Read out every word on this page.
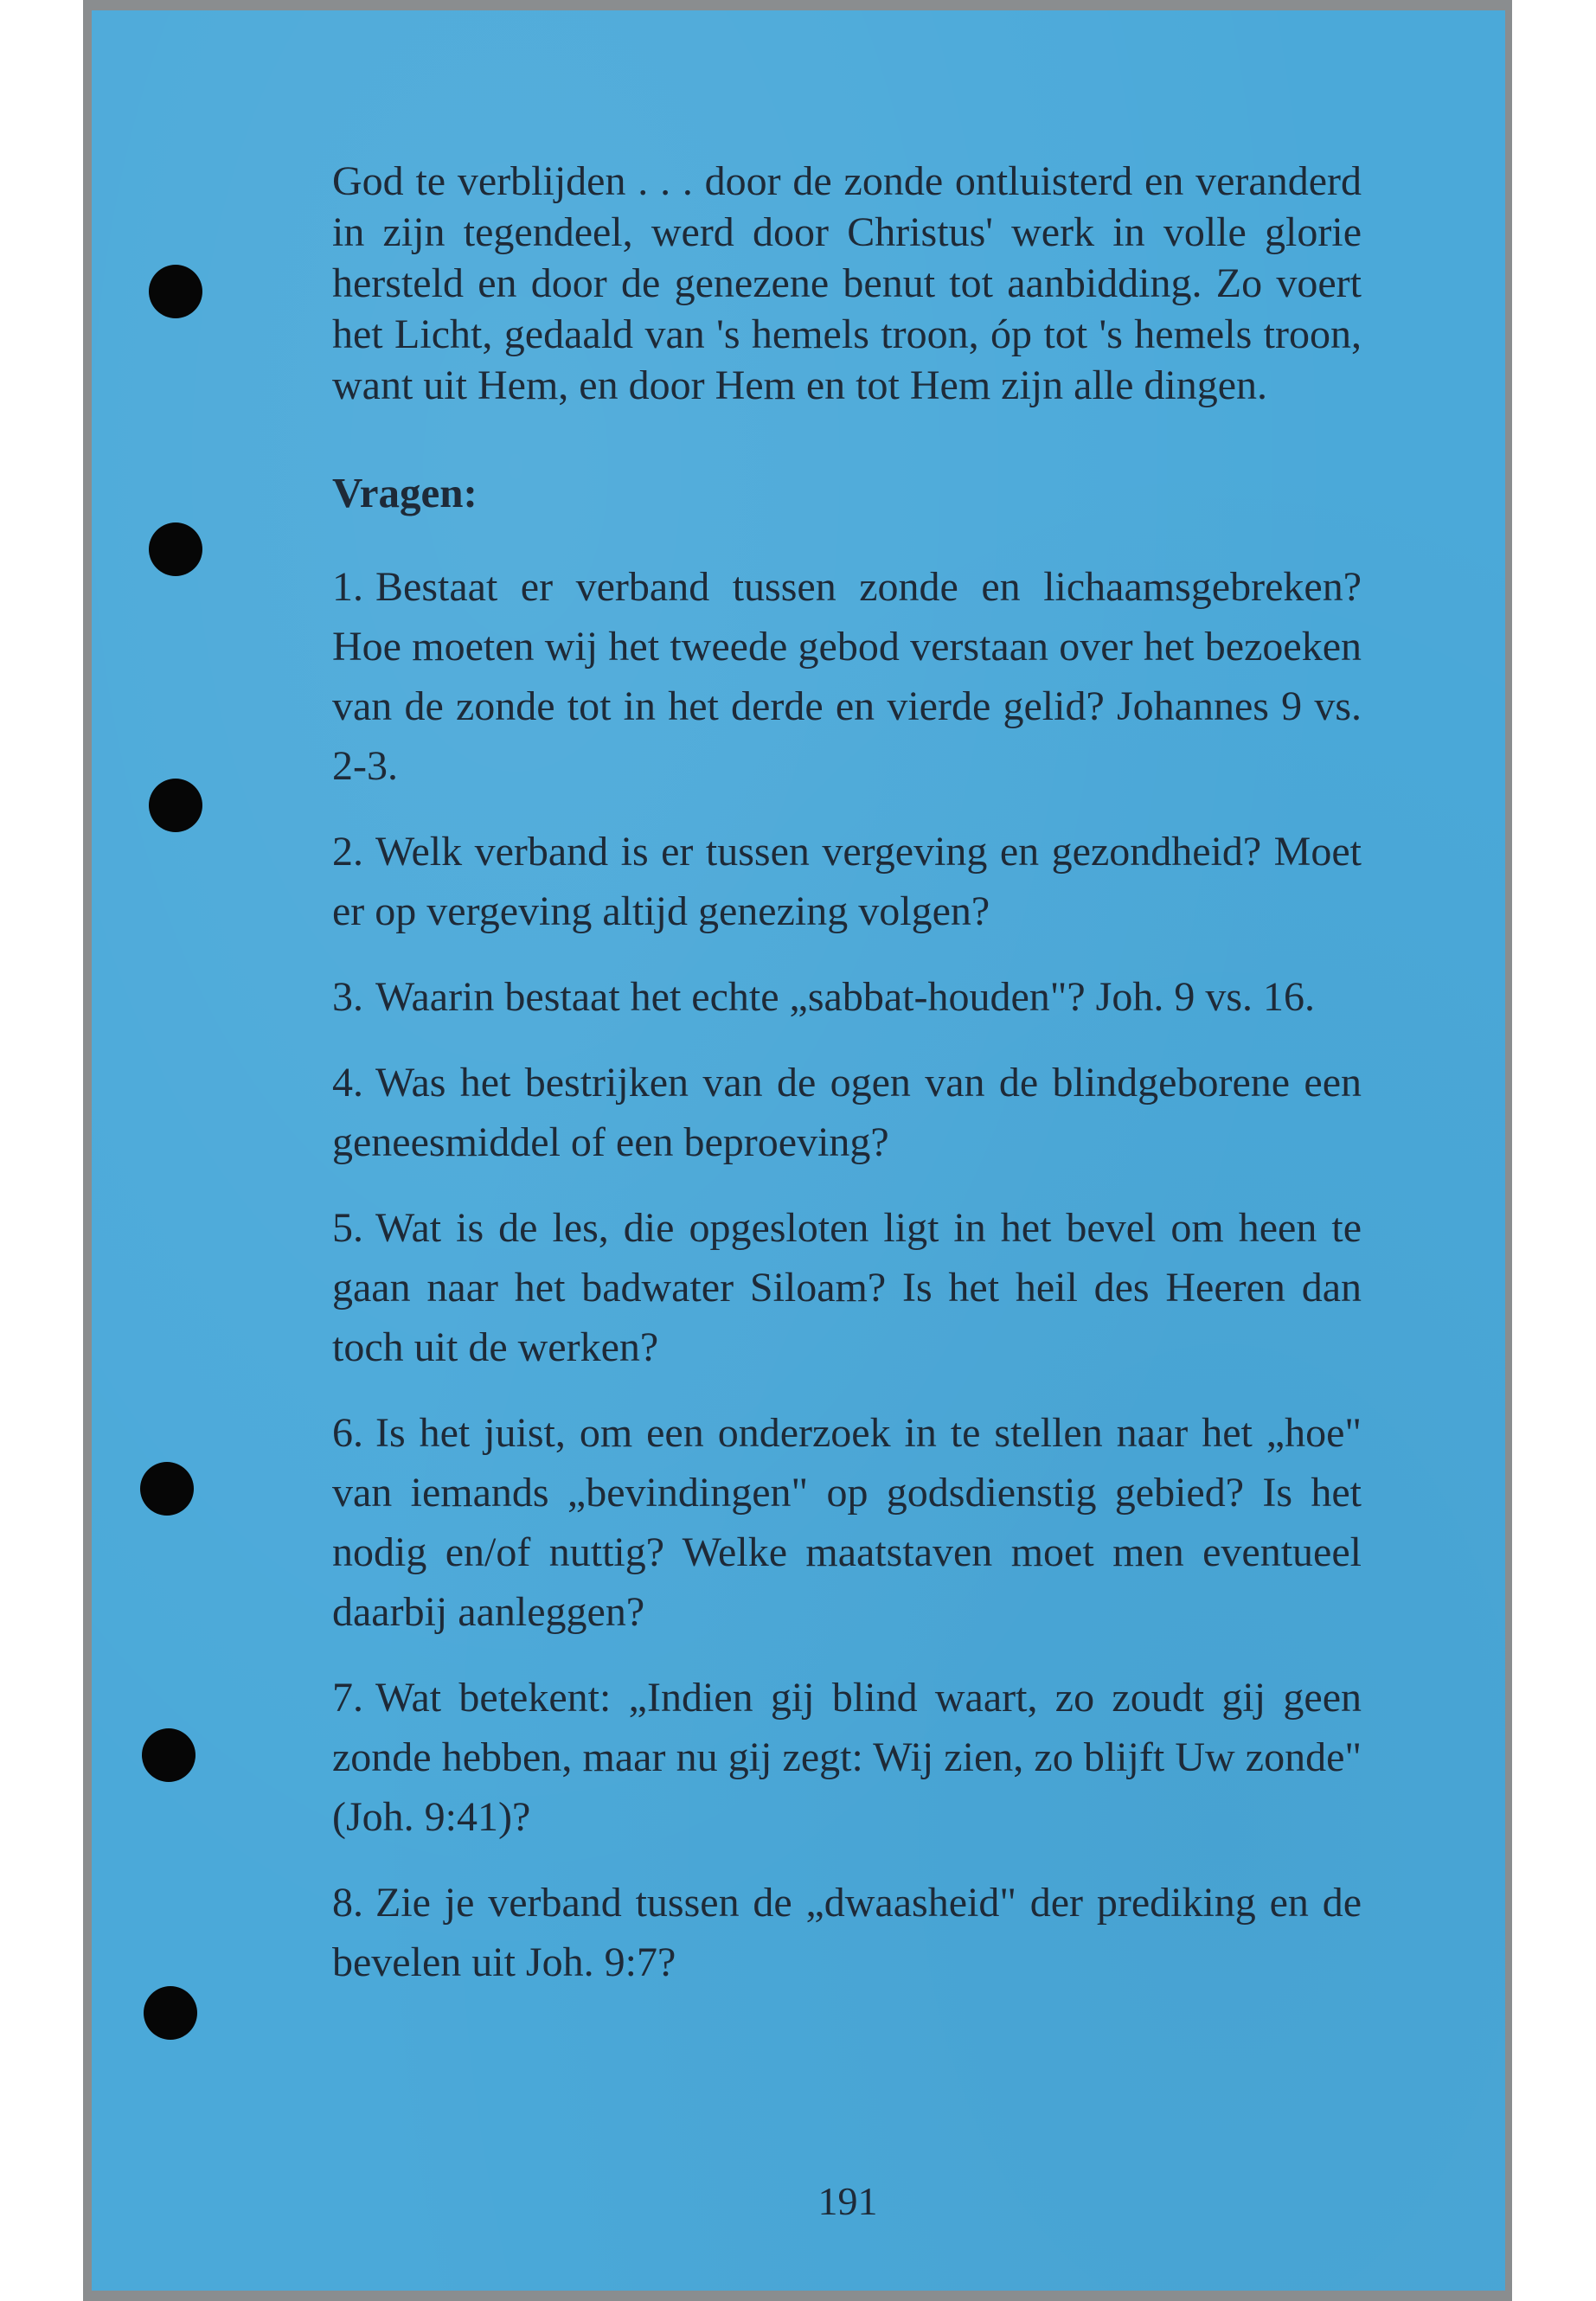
God te verblijden . . . door de zonde ontluisterd en veranderd in zijn tegendeel, werd door Christus' werk in volle glorie hersteld en door de genezene benut tot aanbidding. Zo voert het Licht, gedaald van 's hemels troon, óp tot 's hemels troon, want uit Hem, en door Hem en tot Hem zijn alle dingen.

Vragen:
1. Bestaat er verband tussen zonde en lichaamsgebreken? Hoe moeten wij het tweede gebod verstaan over het bezoeken van de zonde tot in het derde en vierde gelid? Johannes 9 vs. 2-3.
2. Welk verband is er tussen vergeving en gezondheid? Moet er op vergeving altijd genezing volgen?
3. Waarin bestaat het echte „sabbat-houden"? Joh. 9 vs. 16.
4. Was het bestrijken van de ogen van de blindgeborene een geneesmiddel of een beproeving?
5. Wat is de les, die opgesloten ligt in het bevel om heen te gaan naar het badwater Siloam? Is het heil des Heeren dan toch uit de werken?
6. Is het juist, om een onderzoek in te stellen naar het „hoe" van iemands „bevindingen" op godsdienstig gebied? Is het nodig en/of nuttig? Welke maatstaven moet men eventueel daarbij aanleggen?
7. Wat betekent: „Indien gij blind waart, zo zoudt gij geen zonde hebben, maar nu gij zegt: Wij zien, zo blijft Uw zonde" (Joh. 9:41)?
8. Zie je verband tussen de „dwaasheid" der prediking en de bevelen uit Joh. 9:7?
191
